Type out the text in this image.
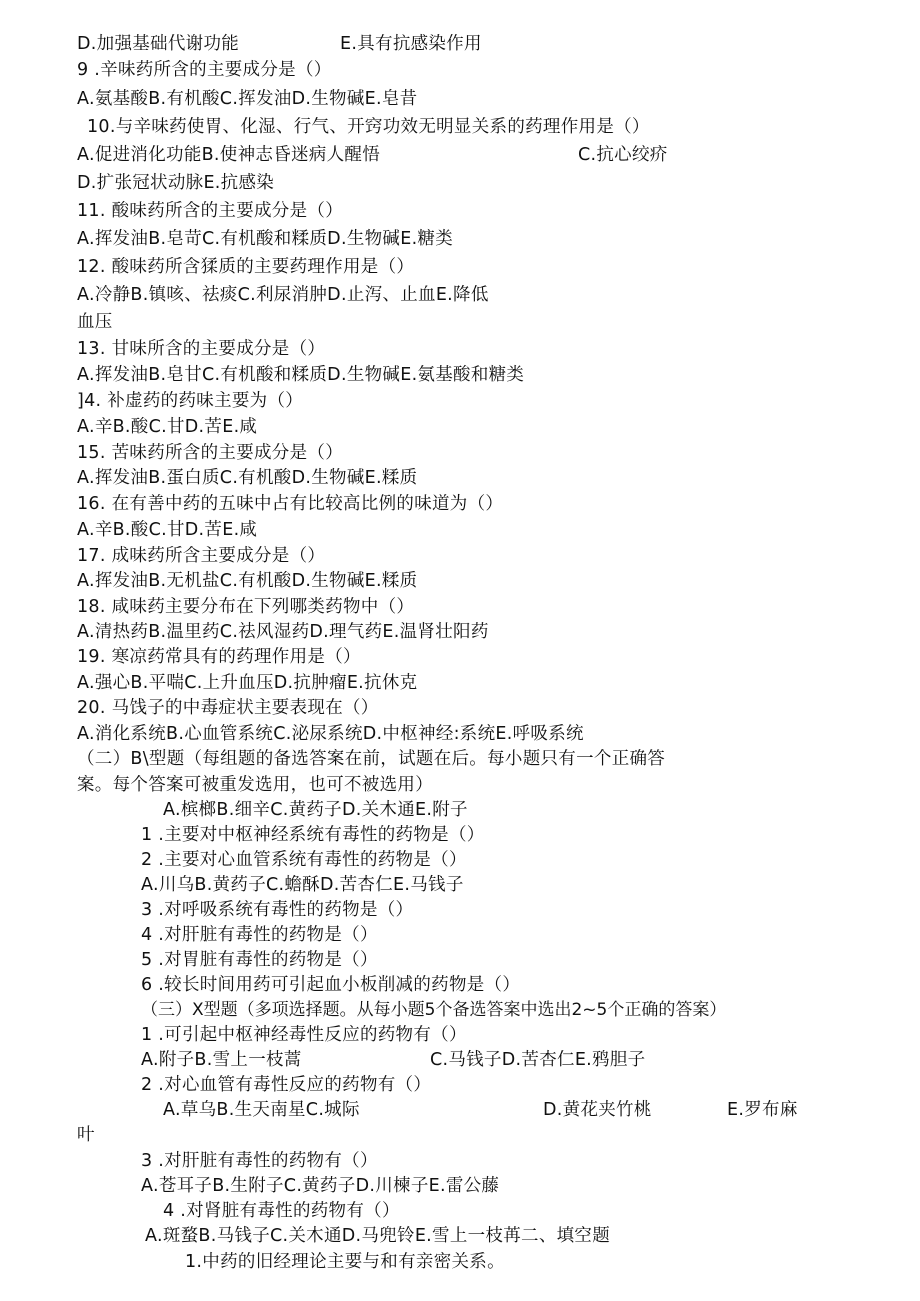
D.加强基础代谢功能	E.具有抗感染作用
9 .辛味药所含的主要成分是（）
A.氨基酸B.有机酸C.挥发油D.生物碱E.皂昔
10.与辛味药使胃、化湿、行气、开窍功效无明显关系的药理作用是（）
A.促进消化功能B.使神志昏迷病人醒悟	C.抗心绞疥
D.扩张冠状动脉E.抗感染
11. 酸味药所含的主要成分是（）
A.挥发油B.皂苛C.有机酸和糅质D.生物碱E.糖类
12. 酸味药所含猱质的主要药理作用是（）
A.冷静B.镇咳、祛痰C.利尿消肿D.止泻、止血E.降低
血压
13. 甘味所含的主要成分是（）
A.挥发油B.皂甘C.有机酸和糅质D.生物碱E.氨基酸和糖类
]4. 补虚药的药味主要为（）
A.辛B.酸C.甘D.苦E.咸
15. 苦味药所含的主要成分是（）
A.挥发油B.蛋白质C.有机酸D.生物碱E.糅质
16. 在有善中药的五味中占有比较高比例的味道为（）
A.辛B.酸C.甘D.苦E.咸
17. 成味药所含主要成分是（）
A.挥发油B.无机盐C.有机酸D.生物碱E.糅质
18. 咸味药主要分布在下列哪类药物中（）
A.清热药B.温里药C.祛风湿药D.理气药E.温肾壮阳药
19. 寒凉药常具有的药理作用是（）
A.强心B.平喘C.上升血压D.抗肿瘤E.抗休克
20. 马饯子的中毒症状主要表现在（）
A.消化系统B.心血管系统C.泌尿系统D.中枢神经:系统E.呼吸系统
（二）B\型题（每组题的备选答案在前，试题在后。每小题只有一个正确答
案。每个答案可被重发选用，也可不被选用）
A.槟榔B.细辛C.黄药子D.关木通E.附子
1 .主要对中枢神经系统有毒性的药物是（）
2 .主要对心血管系统有毒性的药物是（）
A.川乌B.黄药子C.蟾酥D.苦杏仁E.马钱子
3 .对呼吸系统有毒性的药物是（）
4 .对肝脏有毒性的药物是（）
5 .对胃脏有毒性的药物是（）
6 .较长时间用药可引起血小板削减的药物是（）
（三）X型题（多项选择题。从每小题5个备选答案中选出2~5个正确的答案）
1 .可引起中枢神经毒性反应的药物有（）
A.附子B.雪上一枝蒿	C.马钱子D.苦杏仁E.鸦胆子
2 .对心血管有毒性反应的药物有（）
A.草乌B.生天南星C.城际	D.黄花夹竹桃	E.罗布麻
叶
3 .对肝脏有毒性的药物有（）
A.苍耳子B.生附子C.黄药子D.川楝子E.雷公藤
4 .对肾脏有毒性的药物有（）
A.斑蝥B.马钱子C.关木通D.马兜铃E.雪上一枝苒二、填空题
1.中药的旧经理论主要与和有亲密关系。
